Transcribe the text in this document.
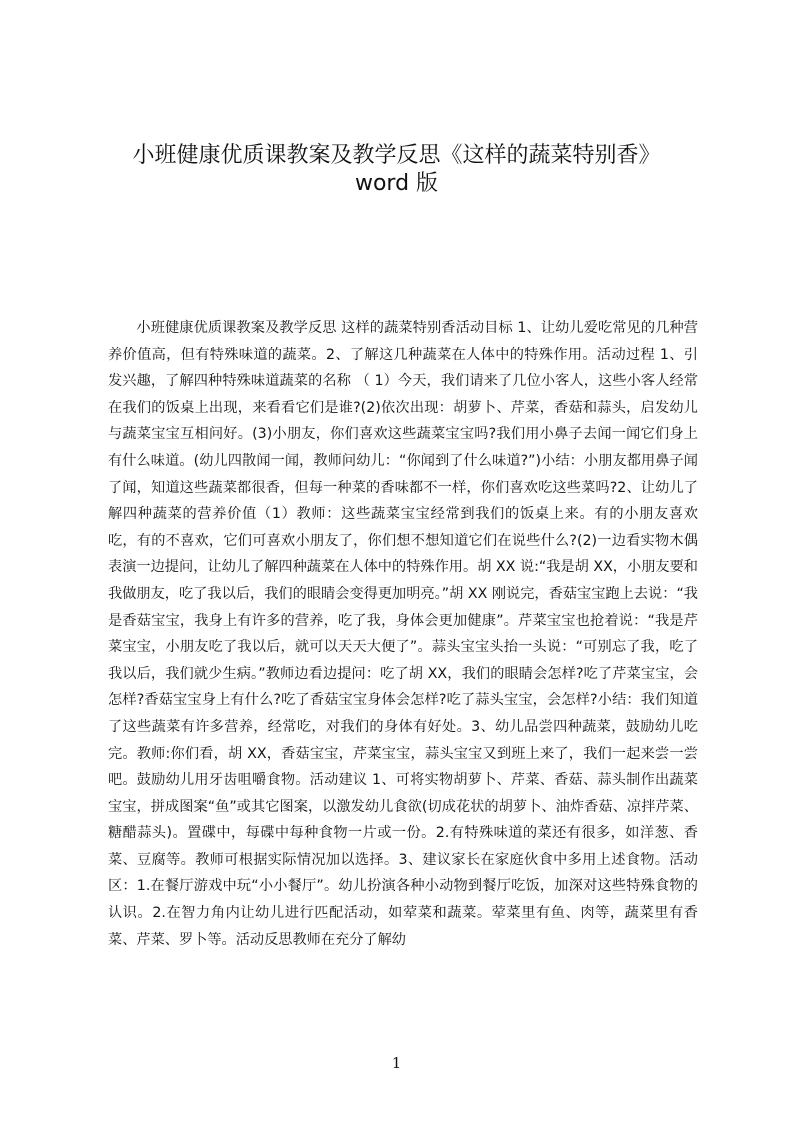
小班健康优质课教案及教学反思《这样的蔬菜特别香》
word 版

小班健康优质课教案及教学反思 这样的蔬菜特别香活动目标 1、让幼儿爱吃常见的几种营养价值高，但有特殊味道的蔬菜。2、了解这几种蔬菜在人体中的特殊作用。活动过程 1、引发兴趣，了解四种特殊味道蔬菜的名称 （ 1）今天，我们请来了几位小客人，这些小客人经常在我们的饭桌上出现，来看看它们是谁?(2)依次出现：胡萝卜、芹菜，香菇和蒜头，启发幼儿与蔬菜宝宝互相问好。(3)小朋友，你们喜欢这些蔬菜宝宝吗?我们用小鼻子去闻一闻它们身上有什么味道。(幼儿四散闻一闻，教师问幼儿：“你闻到了什么味道?”)小结：小朋友都用鼻子闻了闻，知道这些蔬菜都很香，但每一种菜的香味都不一样，你们喜欢吃这些菜吗?2、让幼儿了解四种蔬菜的营养价值（1）教师：这些蔬菜宝宝经常到我们的饭桌上来。有的小朋友喜欢吃，有的不喜欢，它们可喜欢小朋友了，你们想不想知道它们在说些什么?(2)一边看实物木偶表演一边提问，让幼儿了解四种蔬菜在人体中的特殊作用。胡 XX 说:“我是胡 XX，小朋友要和我做朋友，吃了我以后，我们的眼睛会变得更加明亮。”胡 XX 刚说完，香菇宝宝跑上去说：“我是香菇宝宝，我身上有许多的营养，吃了我，身体会更加健康”。芹菜宝宝也抢着说：“我是芹菜宝宝，小朋友吃了我以后，就可以天天大便了”。蒜头宝宝头抬一头说：“可别忘了我，吃了我以后，我们就少生病。”教师边看边提问：吃了胡 XX，我们的眼睛会怎样?吃了芹菜宝宝，会怎样?香菇宝宝身上有什么?吃了香菇宝宝身体会怎样?吃了蒜头宝宝，会怎样?小结：我们知道了这些蔬菜有许多营养，经常吃，对我们的身体有好处。3、幼儿品尝四种蔬菜，鼓励幼儿吃完。教师:你们看，胡 XX，香菇宝宝，芹菜宝宝，蒜头宝宝又到班上来了，我们一起来尝一尝吧。鼓励幼儿用牙齿咀嚼食物。活动建议 1、可将实物胡萝卜、芹菜、香菇、蒜头制作出蔬菜宝宝，拼成图案“鱼”或其它图案，以激发幼儿食欲(切成花状的胡萝卜、油炸香菇、凉拌芹菜、糖醋蒜头)。置碟中，每碟中每种食物一片或一份。2.有特殊味道的菜还有很多，如洋葱、香菜、豆腐等。教师可根据实际情况加以选择。3、建议家长在家庭伙食中多用上述食物。活动区：1.在餐厅游戏中玩“小小餐厅”。幼儿扮演各种小动物到餐厅吃饭，加深对这些特殊食物的认识。2.在智力角内让幼儿进行匹配活动，如荤菜和蔬菜。荤菜里有鱼、肉等，蔬菜里有香菜、芹菜、罗卜等。活动反思教师在充分了解幼

1
